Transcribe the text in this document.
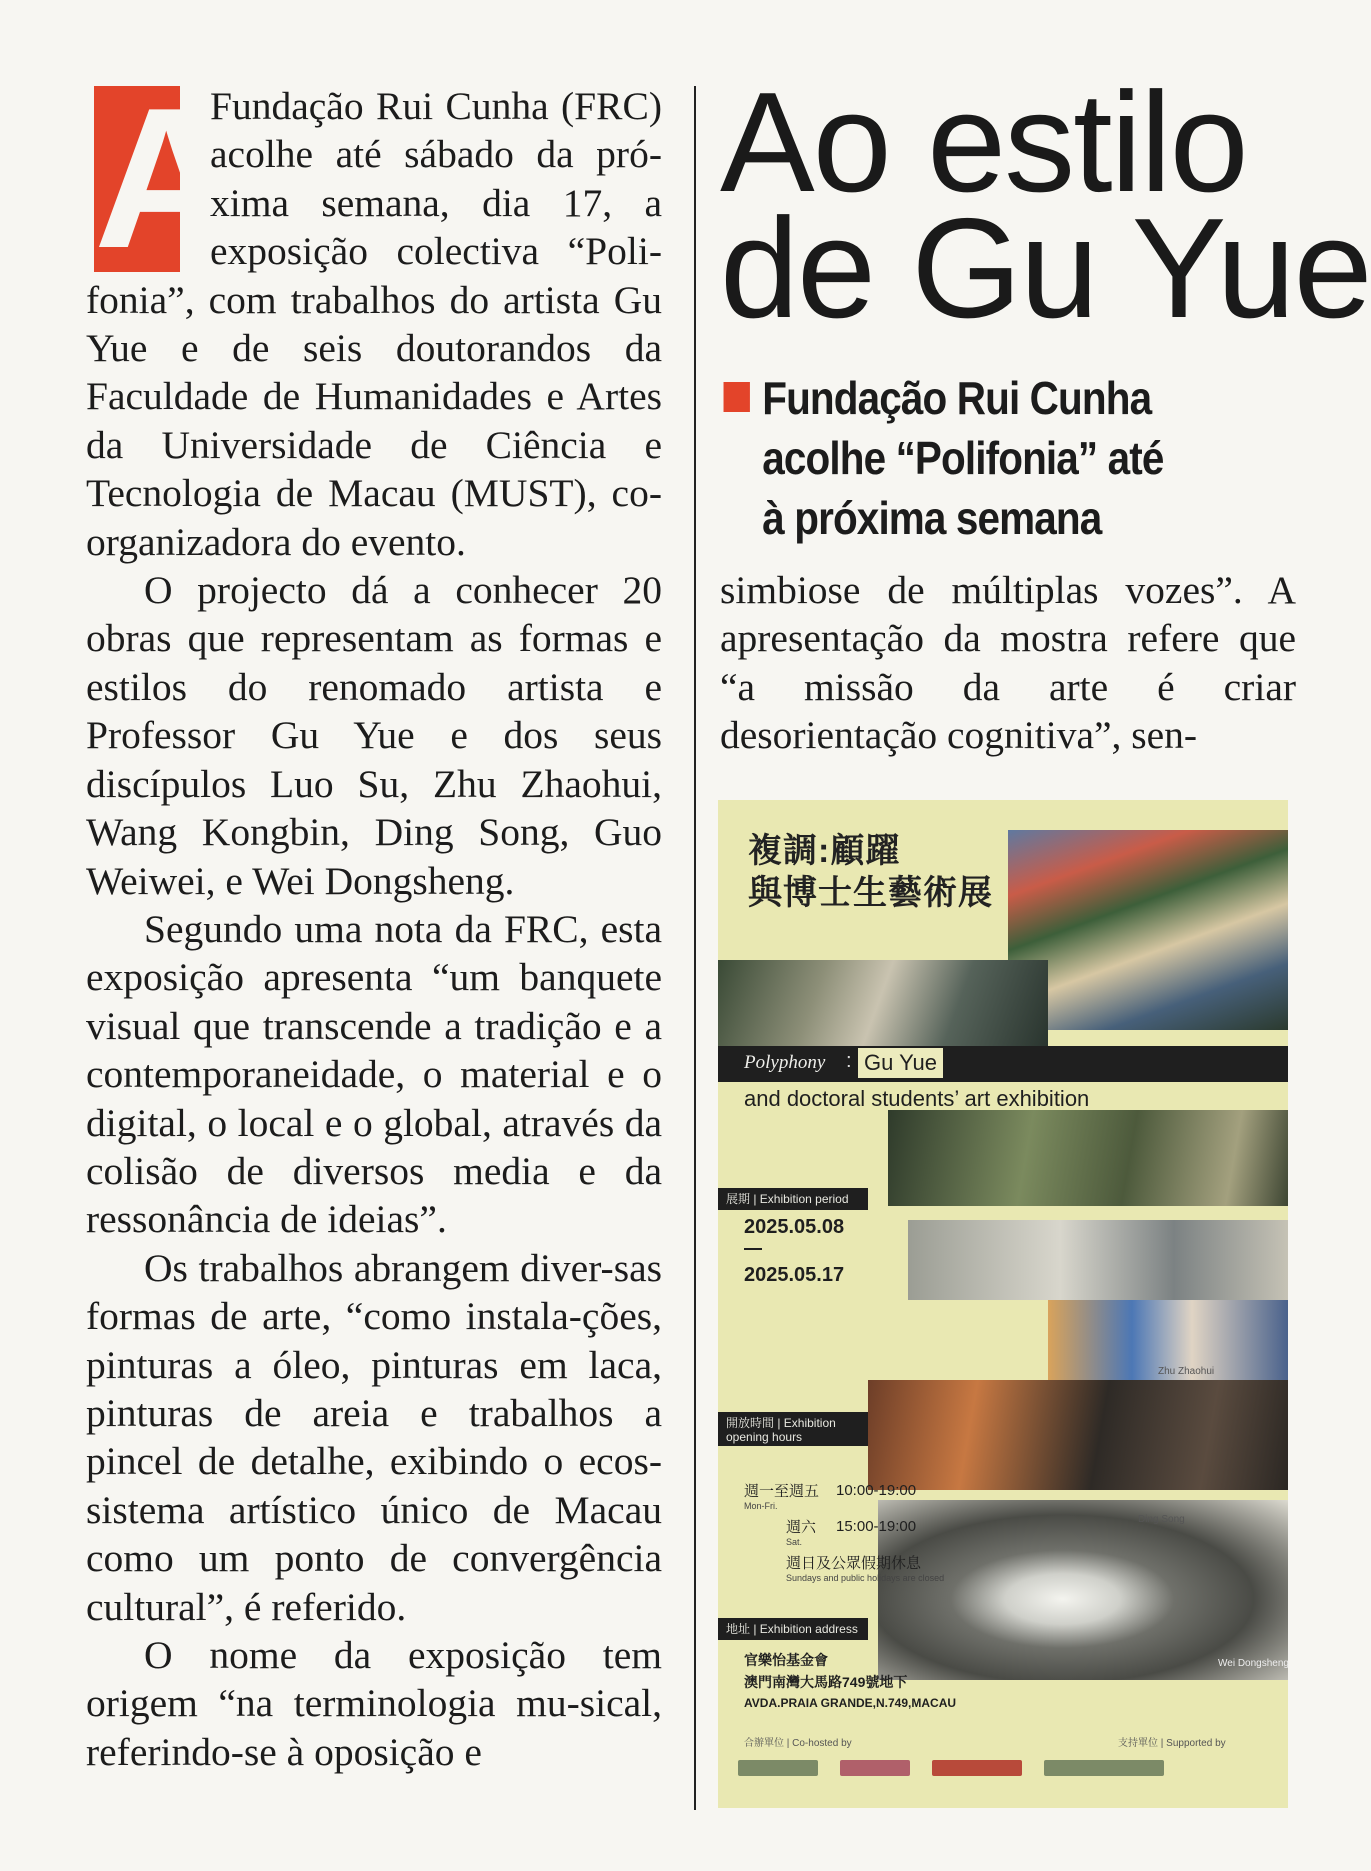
A

Fundação Rui Cunha (FRC) acolhe até sábado da pró-xima semana, dia 17, a exposição colectiva “Poli-fonia”, com trabalhos do artista Gu Yue e de seis doutorandos da Faculdade de Humanidades e Artes da Universidade de Ciência e Tecnologia de Macau (MUST), co-organizadora do evento.

O projecto dá a conhecer 20 obras que representam as formas e estilos do renomado artista e Professor Gu Yue e dos seus discípulos Luo Su, Zhu Zhaohui, Wang Kongbin, Ding Song, Guo Weiwei, e Wei Dongsheng.

Segundo uma nota da FRC, esta exposição apresenta “um banquete visual que transcende a tradição e a contemporaneidade, o material e o digital, o local e o global, através da colisão de diversos media e da ressonância de ideias”.

Os trabalhos abrangem diver-sas formas de arte, “como instala-ções, pinturas a óleo, pinturas em laca, pinturas de areia e trabalhos a pincel de detalhe, exibindo o ecos-sistema artístico único de Macau como um ponto de convergência cultural”, é referido.

O nome da exposição tem origem “na terminologia mu-sical, referindo-se à oposição e

Ao estilo
de Gu Yue
Fundação Rui Cunha
acolhe “Polifonia” até
à próxima semana

simbiose de múltiplas vozes”. A apresentação da mostra refere que “a missão da arte é criar desorientação cognitiva”, sen-

複調:顧躍
與博士生藝術展
Polyphony : Gu Yue
and doctoral students’ art exhibition
展期 | Exhibition period
2025.05.08
2025.05.17
開放時間 | Exhibition opening hours
週一至週五
Mon-Fri.
10:00-19:00
週六
Sat.
15:00-19:00
週日及公眾假期休息
Sundays and public holidays are closed
地址 | Exhibition address
官樂怡基金會
澳門南灣大馬路749號地下
AVDA.PRAIA GRANDE,N.749,MACAU
合辦單位 | Co-hosted by	支持單位 | Supported by
Zhu Zhaohui
Ding Song
Wei Dongsheng
